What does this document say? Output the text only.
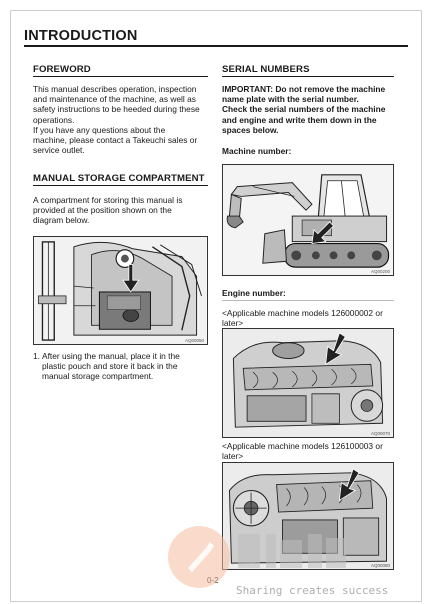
INTRODUCTION
FOREWORD
This manual describes operation, inspection
and maintenance of the machine, as well as
safety instructions to be heeded during these
operations.
If you have any questions about the
machine, please contact a Takeuchi sales or
service outlet.
MANUAL STORAGE COMPARTMENT
A compartment for storing this manual is
provided at the position shown on the
diagram below.
AQ00050
1. After using the manual, place it in the
plastic pouch and store it back in the
manual storage compartment.
SERIAL NUMBERS
IMPORTANT: Do not remove the machine
name plate with the serial number.
Check the serial numbers of the machine
and engine and write them down in the
spaces below.
Machine number:
AQ00200
Engine number:
<Applicable machine models 126000002 or
later>
AQ00070
<Applicable machine models 126100003 or
later>
AQ00080
Sharing creates success
